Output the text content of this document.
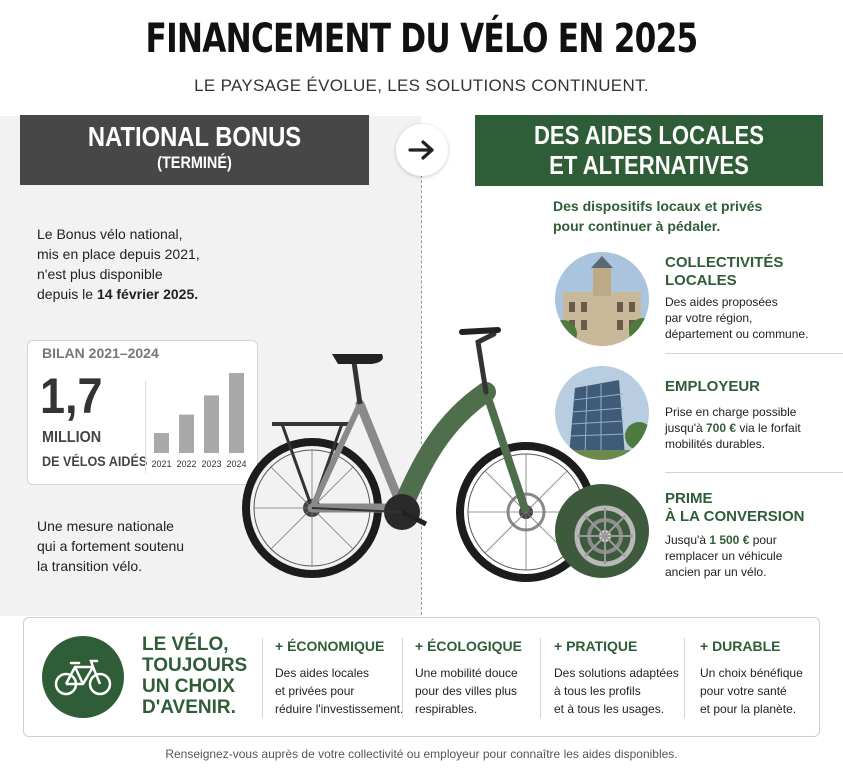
FINANCEMENT DU VÉLO EN 2025
LE PAYSAGE ÉVOLUE, LES SOLUTIONS CONTINUENT.
NATIONAL BONUS
(TERMINÉ)
DES AIDES LOCALES
ET ALTERNATIVES
Le Bonus vélo national,
mis en place depuis 2021,
n'est plus disponible
depuis le 14 février 2025.
BILAN 2021–2024
1,7
MILLION
DE VÉLOS AIDÉS 2021 2022 2023 2024
Une mesure nationale
qui a fortement soutenu
la transition vélo.
Des dispositifs locaux et privés
pour continuer à pédaler.
COLLECTIVITÉS
LOCALES
Des aides proposées
par votre région,
département ou commune.
EMPLOYEUR
Prise en charge possible
jusqu'à 700 € via le forfait
mobilités durables.
PRIME
À LA CONVERSION
Jusqu'à 1 500 € pour
remplacer un véhicule
ancien par un vélo.
LE VÉLO,
TOUJOURS
UN CHOIX
D'AVENIR.
+ ÉCONOMIQUE
Des aides locales
et privées pour
réduire l'investissement.
+ ÉCOLOGIQUE
Une mobilité douce
pour des villes plus
respirables.
+ PRATIQUE
Des solutions adaptées
à tous les profils
et à tous les usages.
+ DURABLE
Un choix bénéfique
pour votre santé
et pour la planète.
Renseignez-vous auprès de votre collectivité ou employeur pour connaître les aides disponibles.
